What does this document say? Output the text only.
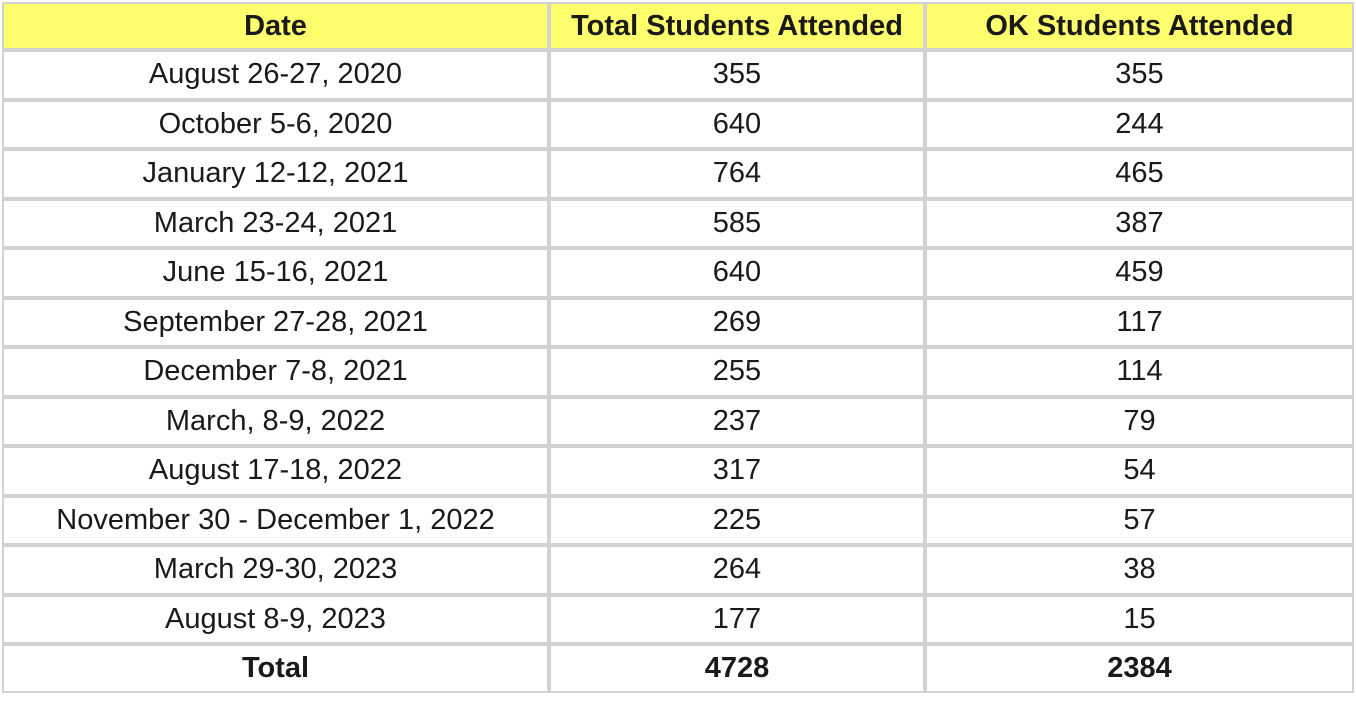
Date	Total Students Attended	OK Students Attended
August 26-27, 2020	355	355
October 5-6, 2020	640	244
January 12-12, 2021	764	465
March 23-24, 2021	585	387
June 15-16, 2021	640	459
September 27-28, 2021	269	117
December 7-8, 2021	255	114
March, 8-9, 2022	237	79
August 17-18, 2022	317	54
November 30 - December 1, 2022	225	57
March 29-30, 2023	264	38
August 8-9, 2023	177	15
Total	4728	2384
